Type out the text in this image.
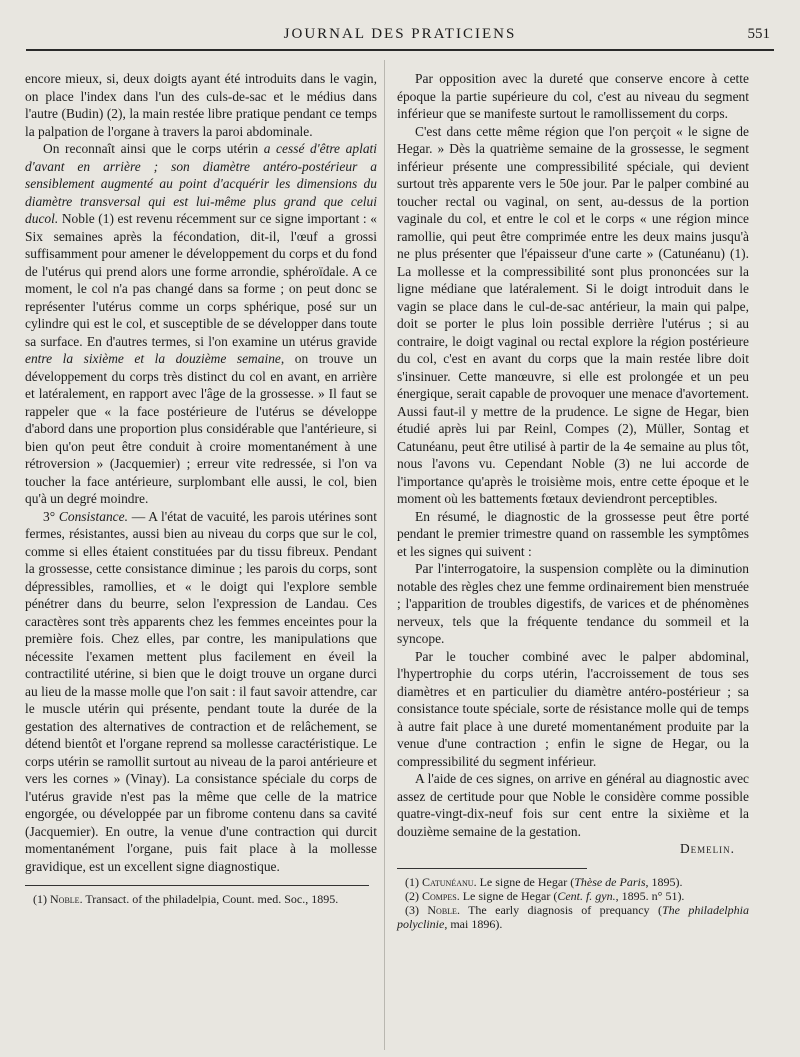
JOURNAL DES PRATICIENS	551

encore mieux, si, deux doigts ayant été introduits dans le vagin, on place l'index dans l'un des culs-de-sac et le médius dans l'autre (Budin) (2), la main restée libre pratique pendant ce temps la palpation de l'organe à travers la paroi abdominale.

On reconnaît ainsi que le corps utérin a cessé d'être aplati d'avant en arrière ; son diamètre antéro-postérieur a sensiblement augmenté au point d'acquérir les dimensions du diamètre transversal qui est lui-même plus grand que celui ducol. Noble (1) est revenu récemment sur ce signe important : « Six semaines après la fécondation, dit-il, l'œuf a grossi suffisamment pour amener le développement du corps et du fond de l'utérus qui prend alors une forme arrondie, sphéroïdale. A ce moment, le col n'a pas changé dans sa forme ; on peut donc se représenter l'utérus comme un corps sphérique, posé sur un cylindre qui est le col, et susceptible de se développer dans toute sa surface. En d'autres termes, si l'on examine un utérus gravide entre la sixième et la douzième semaine, on trouve un développement du corps très distinct du col en avant, en arrière et latéralement, en rapport avec l'âge de la grossesse. » Il faut se rappeler que « la face postérieure de l'utérus se développe d'abord dans une proportion plus considérable que l'antérieure, si bien qu'on peut être conduit à croire momentanément à une rétroversion » (Jacquemier) ; erreur vite redressée, si l'on va toucher la face antérieure, surplombant elle aussi, le col, bien qu'à un degré moindre.

3° Consistance. — A l'état de vacuité, les parois utérines sont fermes, résistantes, aussi bien au niveau du corps que sur le col, comme si elles étaient constituées par du tissu fibreux. Pendant la grossesse, cette consistance diminue ; les parois du corps, sont dépressibles, ramollies, et « le doigt qui l'explore semble pénétrer dans du beurre, selon l'expression de Landau. Ces caractères sont très apparents chez les femmes enceintes pour la première fois. Chez elles, par contre, les manipulations que nécessite l'examen mettent plus facilement en éveil la contractilité utérine, si bien que le doigt trouve un organe durci au lieu de la masse molle que l'on sait : il faut savoir attendre, car le muscle utérin qui présente, pendant toute la durée de la gestation des alternatives de contraction et de relâchement, se détend bientôt et l'organe reprend sa mollesse caractéristique. Le corps utérin se ramollit surtout au niveau de la paroi antérieure et vers les cornes » (Vinay). La consistance spéciale du corps de l'utérus gravide n'est pas la même que celle de la matrice engorgée, ou développée par un fibrome contenu dans sa cavité (Jacquemier). En outre, la venue d'une contraction qui durcit momentanément l'organe, puis fait place à la mollesse gravidique, est un excellent signe diagnostique.

(1) Noble. Transact. of the philadelpia, Count. med. Soc., 1895.

Par opposition avec la dureté que conserve encore à cette époque la partie supérieure du col, c'est au niveau du segment inférieur que se manifeste surtout le ramollissement du corps.

C'est dans cette même région que l'on perçoit « le signe de Hegar. » Dès la quatrième semaine de la grossesse, le segment inférieur présente une compressibilité spéciale, qui devient surtout très apparente vers le 50e jour. Par le palper combiné au toucher rectal ou vaginal, on sent, au-dessus de la portion vaginale du col, et entre le col et le corps « une région mince ramollie, qui peut être comprimée entre les deux mains jusqu'à ne plus présenter que l'épaisseur d'une carte » (Catunéanu) (1). La mollesse et la compressibilité sont plus prononcées sur la ligne médiane que latéralement. Si le doigt introduit dans le vagin se place dans le cul-de-sac antérieur, la main qui palpe, doit se porter le plus loin possible derrière l'utérus ; si au contraire, le doigt vaginal ou rectal explore la région postérieure du col, c'est en avant du corps que la main restée libre doit s'insinuer. Cette manœuvre, si elle est prolongée et un peu énergique, serait capable de provoquer une menace d'avortement. Aussi faut-il y mettre de la prudence. Le signe de Hegar, bien étudié après lui par Reinl, Compes (2), Müller, Sontag et Catunéanu, peut être utilisé à partir de la 4e semaine au plus tôt, nous l'avons vu. Cependant Noble (3) ne lui accorde de l'importance qu'après le troisième mois, entre cette époque et le moment où les battements fœtaux deviendront perceptibles.

En résumé, le diagnostic de la grossesse peut être porté pendant le premier trimestre quand on rassemble les symptômes et les signes qui suivent :

Par l'interrogatoire, la suspension complète ou la diminution notable des règles chez une femme ordinairement bien menstruée ; l'apparition de troubles digestifs, de varices et de phénomènes nerveux, tels que la fréquente tendance du sommeil et la syncope.

Par le toucher combiné avec le palper abdominal, l'hypertrophie du corps utérin, l'accroissement de tous ses diamètres et en particulier du diamètre antéro-postérieur ; sa consistance toute spéciale, sorte de résistance molle qui de temps à autre fait place à une dureté momentanément produite par la venue d'une contraction ; enfin le signe de Hegar, ou la compressibilité du segment inférieur.

A l'aide de ces signes, on arrive en général au diagnostic avec assez de certitude pour que Noble le considère comme possible quatre-vingt-dix-neuf fois sur cent entre la sixième et la douzième semaine de la gestation.

Demelin.

(1) Catunéanu. Le signe de Hegar (Thèse de Paris, 1895).

(2) Compes. Le signe de Hegar (Cent. f. gyn., 1895. n° 51).

(3) Noble. The early diagnosis of prequancy (The philadelphia polyclinie, mai 1896).
